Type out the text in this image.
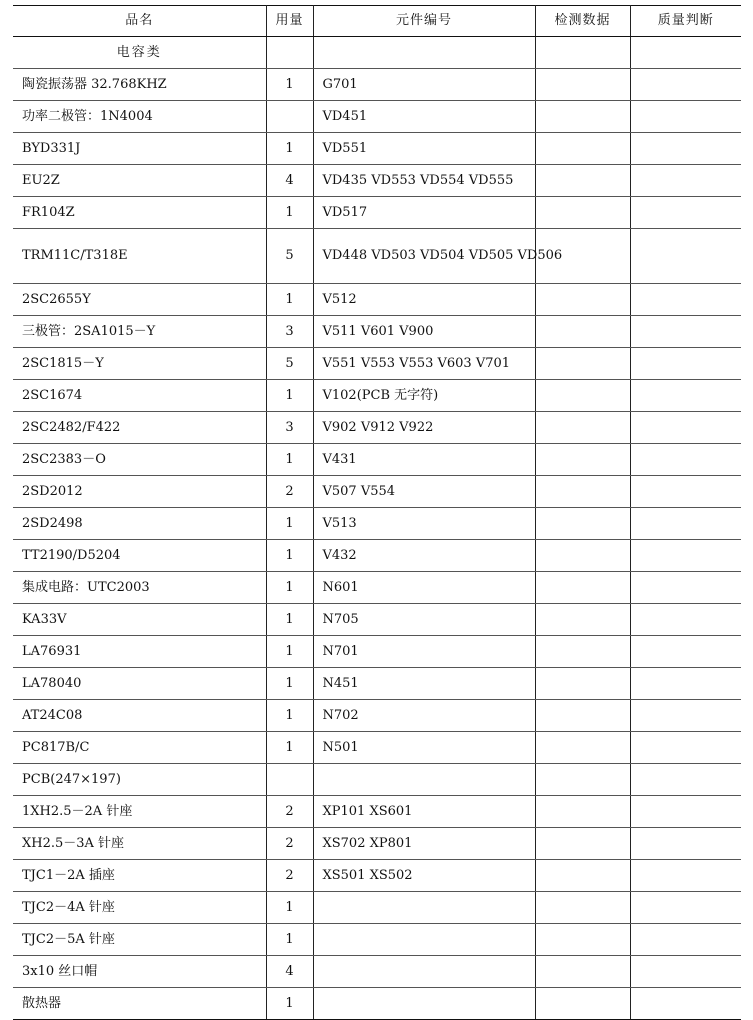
品名	用量	元件编号	检测数据	质量判断
电容类				
陶瓷振荡器 32.768KHZ	1	G701		
功率二极管：1N4004		VD451		
BYD331J	1	VD551		
EU2Z	4	VD435 VD553 VD554 VD555		
FR104Z	1	VD517		
TRM11C/T318E	5	VD448 VD503 VD504 VD505 VD506		
2SC2655Y	1	V512		
三极管：2SA1015－Y	3	V511 V601 V900		
2SC1815－Y	5	V551 V553 V553 V603 V701		
2SC1674	1	V102(PCB 无字符)		
2SC2482/F422	3	V902 V912 V922		
2SC2383－O	1	V431		
2SD2012	2	V507 V554		
2SD2498	1	V513		
TT2190/D5204	1	V432		
集成电路：UTC2003	1	N601		
KA33V	1	N705		
LA76931	1	N701		
LA78040	1	N451		
AT24C08	1	N702		
PC817B/C	1	N501		
PCB(247×197)				
1XH2.5－2A 针座	2	XP101 XS601		
XH2.5－3A 针座	2	XS702 XP801		
TJC1－2A 插座	2	XS501 XS502		
TJC2－4A 针座	1			
TJC2－5A 针座	1			
3x10 丝口帽	4			
散热器	1			
